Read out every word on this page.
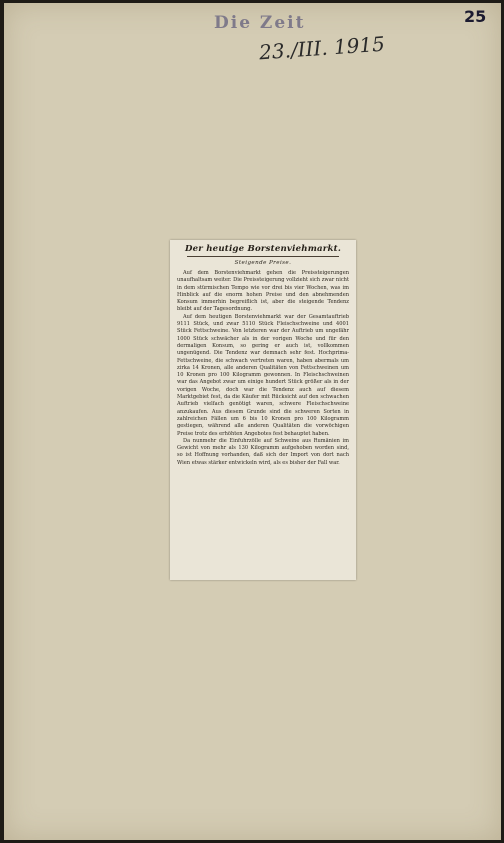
Die Zeit

23./III. 1915

25

Der heutige Borstenviehmarkt.

Steigende Preise.

Auf dem Borstenviehmarkt gehen die Preissteigerungen unaufhaltsam weiter. Die Preissteigerung vollzieht sich zwar nicht in dem stürmischen Tempo wie vor drei bis vier Wochen, was im Hinblick auf die enorm hohen Preise und den abnehmenden Konsum immerhin begreiflich ist, aber die steigende Tendenz bleibt auf der Tagesordnung.

Auf dem heutigen Borstenviehmarkt war der Gesamtauftrieb 9111 Stück, und zwar 5110 Stück Fleischschweine und 4001 Stück Fettschweine. Von letzteren war der Auftrieb um ungefähr 1000 Stück schwächer als in der vorigen Woche und für den dermaligen Konsum, so gering er auch ist, vollkommen ungenügend. Die Tendenz war demnach sehr fest. Hochprima-Fettschweine, die schwach vertreten waren, haben abermals um zirka 14 Kronen, alle anderen Qualitäten von Fettschweinen um 10 Kronen pro 100 Kilogramm gewonnen. In Fleischschweinen war das Angebot zwar um einige hundert Stück größer als in der vorigen Woche, doch war die Tendenz auch auf diesem Marktgebiet fest, da die Käufer mit Rücksicht auf den schwachen Auftrieb vielfach genötigt waren, schwere Fleischschweine anzukaufen. Aus diesem Grunde sind die schweren Sorten in zahlreichen Fällen um 6 bis 10 Kronen pro 100 Kilogramm gestiegen, während alle anderen Qualitäten die vorwöchigen Preise trotz des erhöhten Angebotes fest behauptet haben.

Da nunmehr die Einfuhrzölle auf Schweine aus Rumänien im Gewicht von mehr als 130 Kilogramm aufgehoben worden sind, so ist Hoffnung vorhanden, daß sich der Import von dort nach Wien etwas stärker entwickeln wird, als es bisher der Fall war.
